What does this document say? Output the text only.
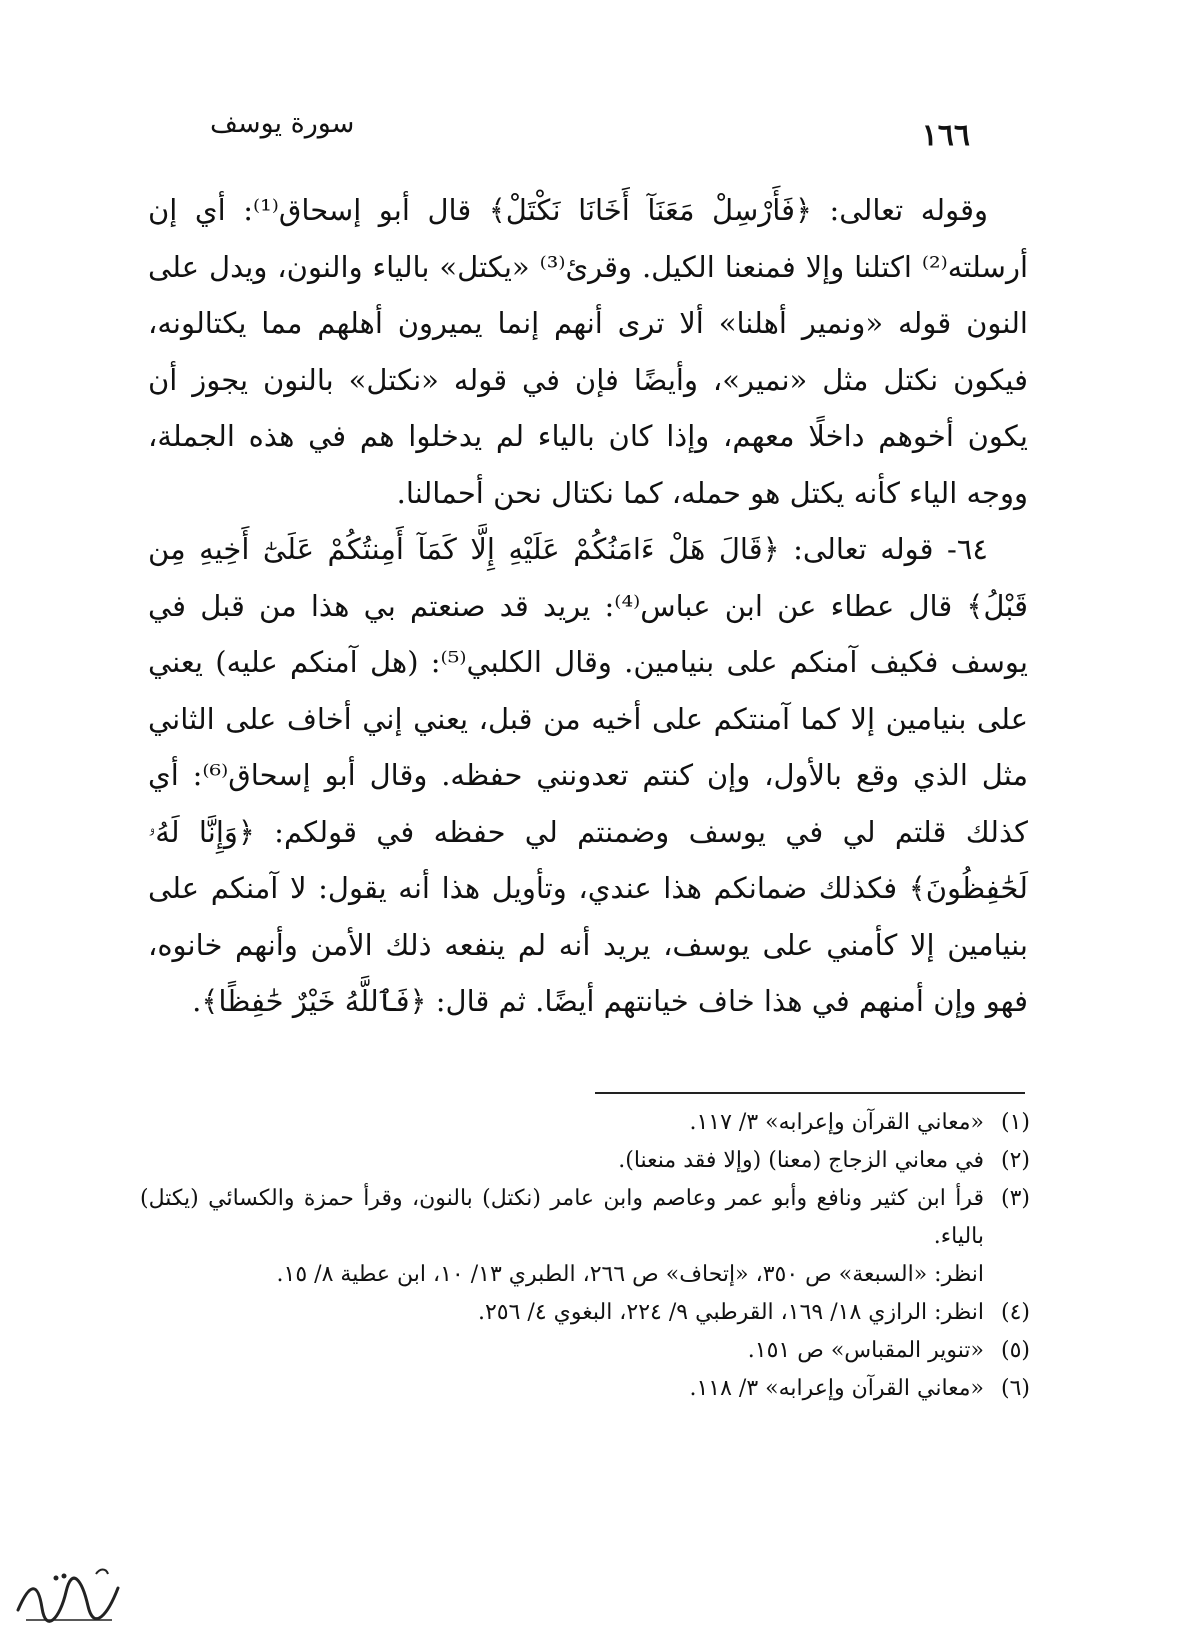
١٦٦
سورة يوسف

وقوله تعالى: ﴿فَأَرْسِلْ مَعَنَآ أَخَانَا نَكْتَلْ﴾ قال أبو إسحاق⁽¹⁾: أي إن أرسلته⁽²⁾ اكتلنا وإلا فمنعنا الكيل. وقرئ⁽³⁾ «يكتل» بالياء والنون، ويدل على النون قوله «ونمير أهلنا» ألا ترى أنهم إنما يميرون أهلهم مما يكتالونه، فيكون نكتل مثل «نمير»، وأيضًا فإن في قوله «نكتل» بالنون يجوز أن يكون أخوهم داخلًا معهم، وإذا كان بالياء لم يدخلوا هم في هذه الجملة، ووجه الياء كأنه يكتل هو حمله، كما نكتال نحن أحمالنا.

٦٤- قوله تعالى: ﴿قَالَ هَلْ ءَامَنُكُمْ عَلَيْهِ إِلَّا كَمَآ أَمِنتُكُمْ عَلَىٰٓ أَخِيهِ مِن قَبْلُ﴾ قال عطاء عن ابن عباس⁽⁴⁾: يريد قد صنعتم بي هذا من قبل في يوسف فكيف آمنكم على بنيامين. وقال الكلبي⁽⁵⁾: (هل آمنكم عليه) يعني على بنيامين إلا كما آمنتكم على أخيه من قبل، يعني إني أخاف على الثاني مثل الذي وقع بالأول، وإن كنتم تعدونني حفظه. وقال أبو إسحاق⁽⁶⁾: أي كذلك قلتم لي في يوسف وضمنتم لي حفظه في قولكم: ﴿وَإِنَّا لَهُۥ لَحَٰفِظُونَ﴾ فكذلك ضمانكم هذا عندي، وتأويل هذا أنه يقول: لا آمنكم على بنيامين إلا كأمني على يوسف، يريد أنه لم ينفعه ذلك الأمن وأنهم خانوه، فهو وإن أمنهم في هذا خاف خيانتهم أيضًا. ثم قال: ﴿فَٱللَّهُ خَيْرٌ حَٰفِظًا﴾.

(١)
«معاني القرآن وإعرابه» ٣/ ١١٧.
(٢)
في معاني الزجاج (معنا) (وإلا فقد منعنا).
(٣)
قرأ ابن كثير ونافع وأبو عمر وعاصم وابن عامر (نكتل) بالنون، وقرأ حمزة والكسائي (يكتل) بالياء.
انظر: «السبعة» ص ٣٥٠، «إتحاف» ص ٢٦٦، الطبري ١٣/ ١٠، ابن عطية ٨/ ١٥.
(٤)
انظر: الرازي ١٨/ ١٦٩، القرطبي ٩/ ٢٢٤، البغوي ٤/ ٢٥٦.
(٥)
«تنوير المقباس» ص ١٥١.
(٦)
«معاني القرآن وإعرابه» ٣/ ١١٨.
